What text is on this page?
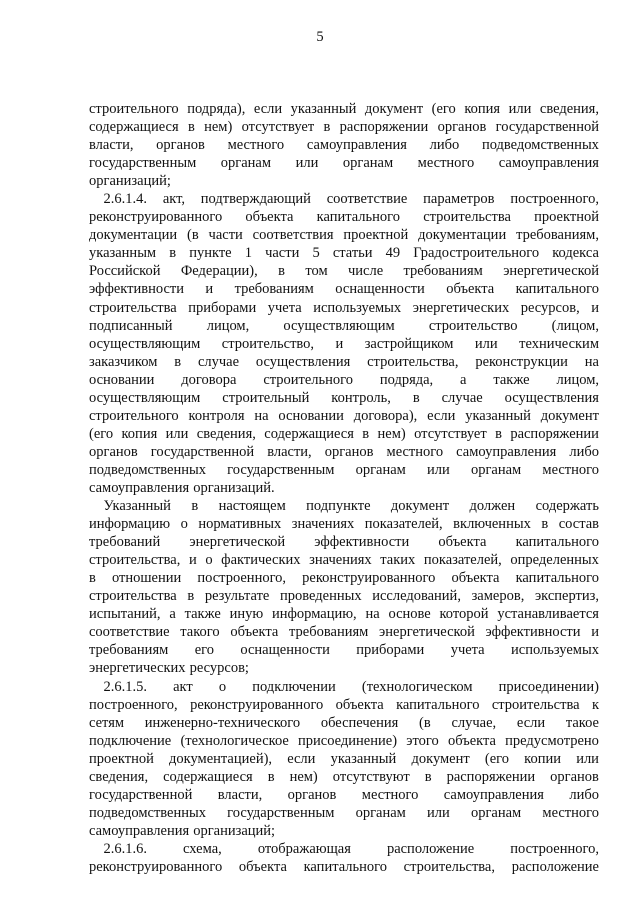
5
строительного подряда), если указанный документ (его копия или сведения,
содержащиеся в нем) отсутствует в распоряжении органов государственной
власти, органов местного самоуправления либо подведомственных
государственным органам или органам местного самоуправления
организаций;
2.6.1.4. акт, подтверждающий соответствие параметров построенного,
реконструированного объекта капитального строительства проектной
документации (в части соответствия проектной документации требованиям,
указанным в пункте 1 части 5 статьи 49 Градостроительного кодекса
Российской Федерации), в том числе требованиям энергетической
эффективности и требованиям оснащенности объекта капитального
строительства приборами учета используемых энергетических ресурсов, и
подписанный лицом, осуществляющим строительство (лицом,
осуществляющим строительство, и застройщиком или техническим
заказчиком в случае осуществления строительства, реконструкции на
основании договора строительного подряда, а также лицом,
осуществляющим строительный контроль, в случае осуществления
строительного контроля на основании договора), если указанный документ
(его копия или сведения, содержащиеся в нем) отсутствует в распоряжении
органов государственной власти, органов местного самоуправления либо
подведомственных государственным органам или органам местного
самоуправления организаций.
Указанный в настоящем подпункте документ должен содержать
информацию о нормативных значениях показателей, включенных в состав
требований энергетической эффективности объекта капитального
строительства, и о фактических значениях таких показателей, определенных
в отношении построенного, реконструированного объекта капитального
строительства в результате проведенных исследований, замеров, экспертиз,
испытаний, а также иную информацию, на основе которой устанавливается
соответствие такого объекта требованиям энергетической эффективности и
требованиям его оснащенности приборами учета используемых
энергетических ресурсов;
2.6.1.5. акт о подключении (технологическом присоединении)
построенного, реконструированного объекта капитального строительства к
сетям инженерно-технического обеспечения (в случае, если такое
подключение (технологическое присоединение) этого объекта предусмотрено
проектной документацией), если указанный документ (его копии или
сведения, содержащиеся в нем) отсутствуют в распоряжении органов
государственной власти, органов местного самоуправления либо
подведомственных государственным органам или органам местного
самоуправления организаций;
2.6.1.6. схема, отображающая расположение построенного,
реконструированного объекта капитального строительства, расположение
